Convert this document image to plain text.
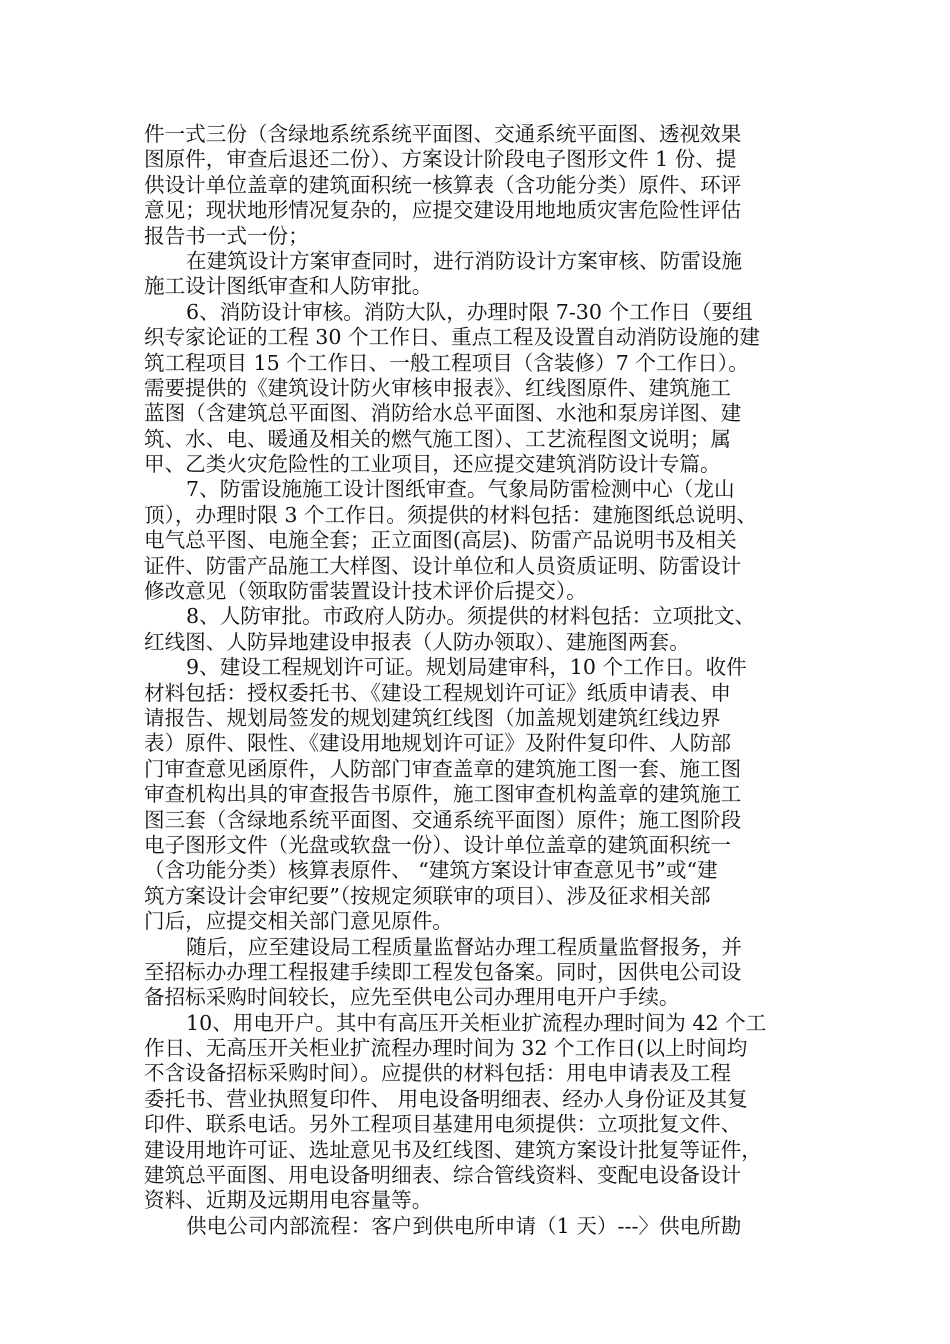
件一式三份（含绿地系统系统平面图、交通系统平面图、透视效果
图原件，审查后退还二份）、方案设计阶段电子图形文件 1 份、提
供设计单位盖章的建筑面积统一核算表（含功能分类）原件、环评
意见；现状地形情况复杂的，应提交建设用地地质灾害危险性评估
报告书一式一份；
在建筑设计方案审查同时，进行消防设计方案审核、防雷设施
施工设计图纸审查和人防审批。
6、消防设计审核。消防大队，办理时限 7-30 个工作日（要组
织专家论证的工程 30 个工作日、重点工程及设置自动消防设施的建
筑工程项目 15 个工作日、一般工程项目（含装修）7 个工作日）。
需要提供的《建筑设计防火审核申报表》、红线图原件、建筑施工
蓝图（含建筑总平面图、消防给水总平面图、水池和泵房详图、建
筑、水、电、暖通及相关的燃气施工图）、工艺流程图文说明；属
甲、乙类火灾危险性的工业项目，还应提交建筑消防设计专篇。
7、防雷设施施工设计图纸审查。气象局防雷检测中心（龙山
顶），办理时限 3 个工作日。须提供的材料包括：建施图纸总说明、
电气总平图、电施全套；正立面图(高层)、防雷产品说明书及相关
证件、防雷产品施工大样图、设计单位和人员资质证明、防雷设计
修改意见（领取防雷装置设计技术评价后提交）。
8、人防审批。市政府人防办。须提供的材料包括：立项批文、
红线图、人防异地建设申报表（人防办领取）、建施图两套。
9、建设工程规划许可证。规划局建审科，10 个工作日。收件
材料包括：授权委托书、《建设工程规划许可证》纸质申请表、申
请报告、规划局签发的规划建筑红线图（加盖规划建筑红线边界
表）原件、限性、《建设用地规划许可证》及附件复印件、人防部
门审查意见函原件，人防部门审查盖章的建筑施工图一套、施工图
审查机构出具的审查报告书原件，施工图审查机构盖章的建筑施工
图三套（含绿地系统平面图、交通系统平面图）原件；施工图阶段
电子图形文件（光盘或软盘一份）、设计单位盖章的建筑面积统一
（含功能分类）核算表原件、 “建筑方案设计审查意见书”或“建
筑方案设计会审纪要”（按规定须联审的项目）、涉及征求相关部
门后，应提交相关部门意见原件。
随后，应至建设局工程质量监督站办理工程质量监督报务，并
至招标办办理工程报建手续即工程发包备案。同时，因供电公司设
备招标采购时间较长，应先至供电公司办理用电开户手续。
10、用电开户。其中有高压开关柜业扩流程办理时间为 42 个工
作日、无高压开关柜业扩流程办理时间为 32 个工作日(以上时间均
不含设备招标采购时间）。应提供的材料包括：用电申请表及工程
委托书、营业执照复印件、 用电设备明细表、经办人身份证及其复
印件、联系电话。另外工程项目基建用电须提供：立项批复文件、
建设用地许可证、选址意见书及红线图、建筑方案设计批复等证件，
建筑总平面图、用电设备明细表、综合管线资料、变配电设备设计
资料、近期及远期用电容量等。
供电公司内部流程：客户到供电所申请（1 天）---〉供电所勘
